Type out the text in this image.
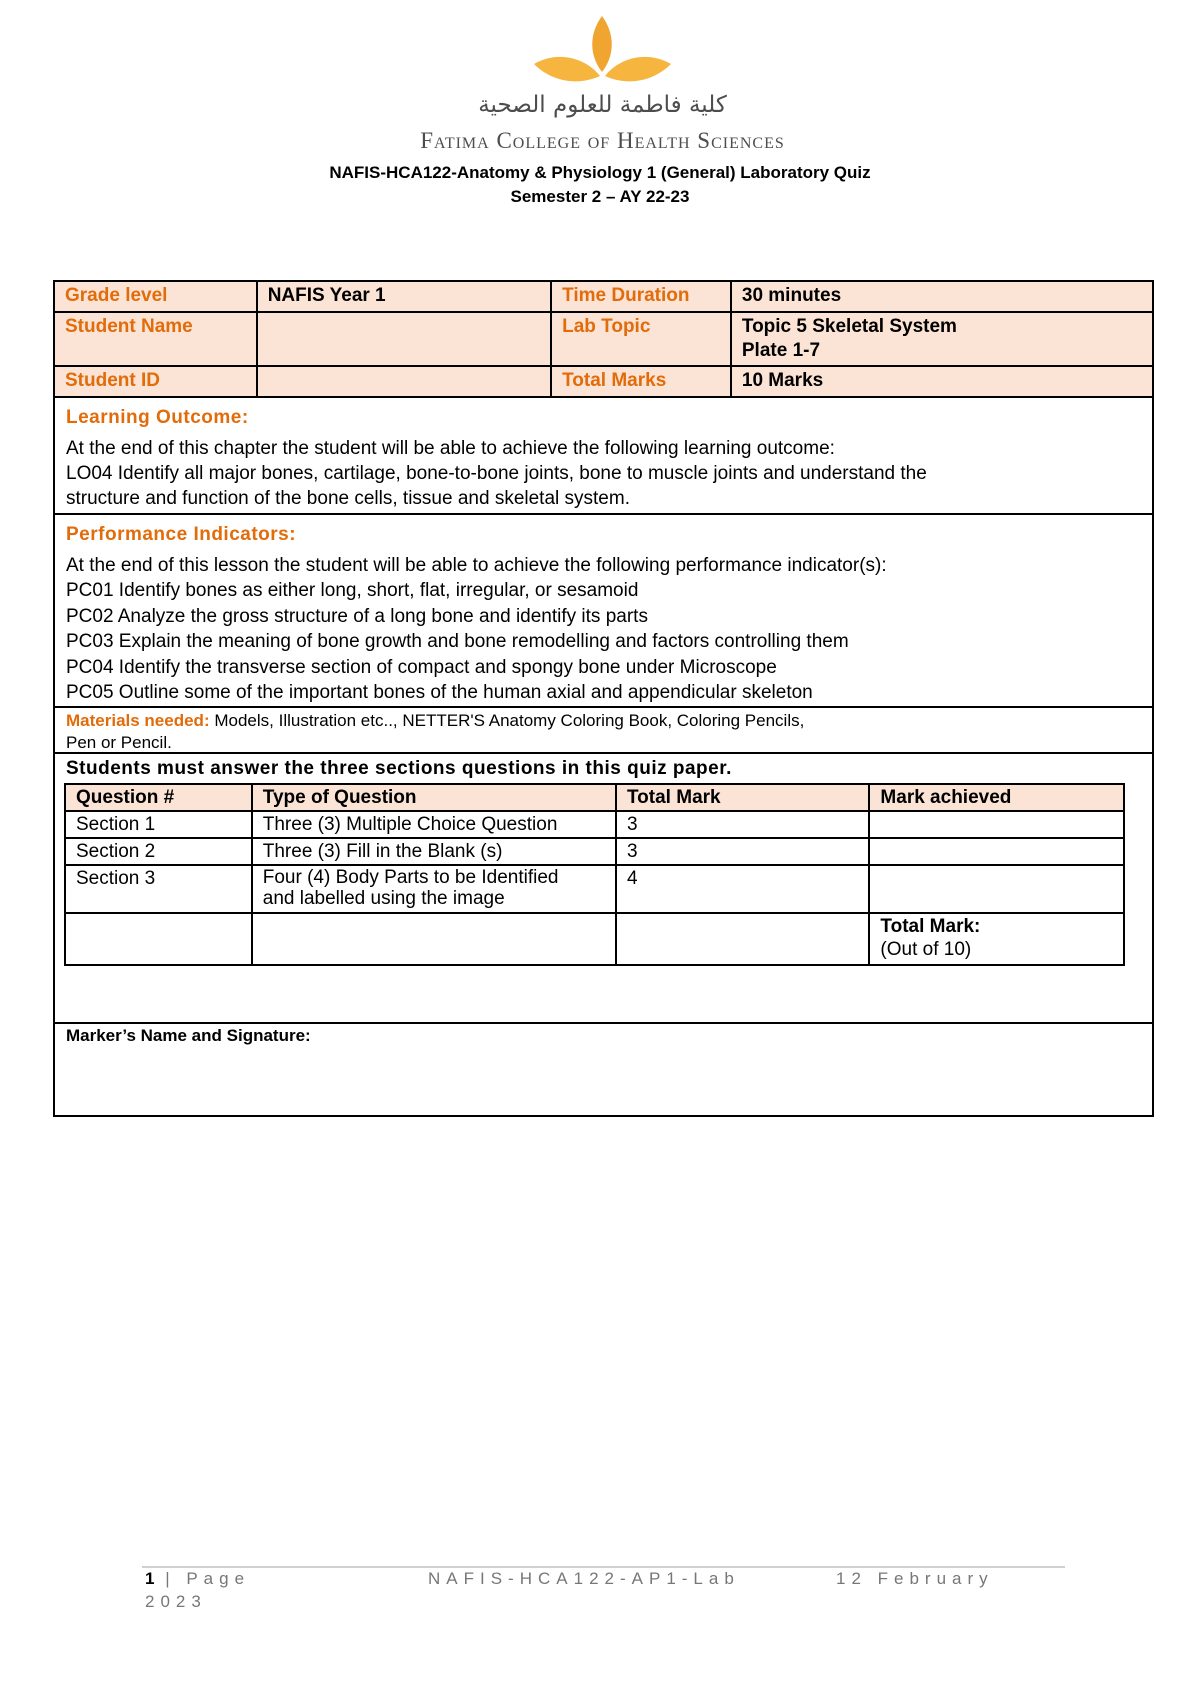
كلية فاطمة للعلوم الصحية
Fatima College of Health Sciences
NAFIS-HCA122-Anatomy & Physiology 1 (General) Laboratory Quiz
Semester 2 – AY 22-23
Grade level	NAFIS Year 1	Time Duration	30 minutes
Student Name		Lab Topic	Topic 5 Skeletal System
Plate 1-7

Student ID		Total Marks	10 Marks
Learning Outcome:
At the end of this chapter the student will be able to achieve the following learning outcome:
LO04 Identify all major bones, cartilage, bone-to-bone joints, bone to muscle joints and understand the
structure and function of the bone cells, tissue and skeletal system.
Performance Indicators:
At the end of this lesson the student will be able to achieve the following performance indicator(s):
PC01 Identify bones as either long, short, flat, irregular, or sesamoid
PC02 Analyze the gross structure of a long bone and identify its parts
PC03 Explain the meaning of bone growth and bone remodelling and factors controlling them
PC04 Identify the transverse section of compact and spongy bone under Microscope
PC05 Outline some of the important bones of the human axial and appendicular skeleton
Materials needed: Models, Illustration etc.., NETTER'S Anatomy Coloring Book, Coloring Pencils,
Pen or Pencil.
Students must answer the three sections questions in this quiz paper.
Question #	Type of Question	Total Mark	Mark achieved
Section 1	Three (3) Multiple Choice Question	3	
Section 2	Three (3) Fill in the Blank (s)	3	
Section 3	Four (4) Body Parts to be Identified
and labelled using the image	4	

			Total Mark:
(Out of 10)
Marker’s Name and Signature:
1 | Page	NAFIS-HCA122-AP1-Lab	12 February
2023
